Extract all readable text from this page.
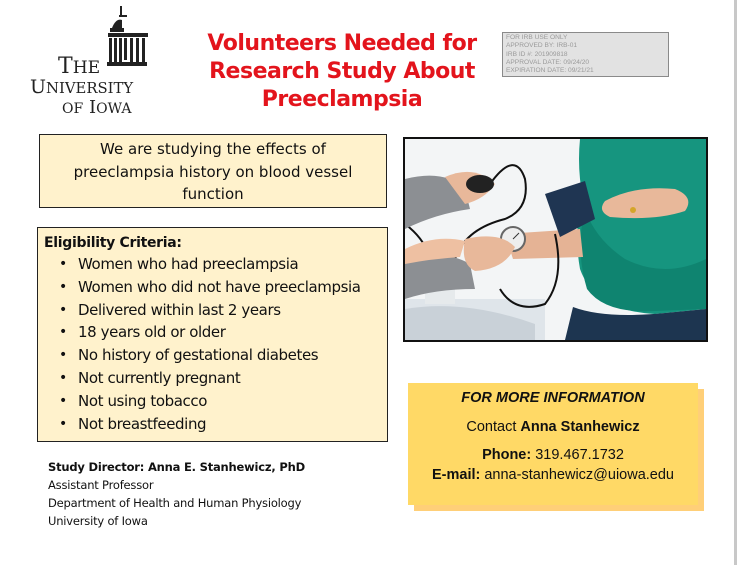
THE
UNIVERSITY
OF IOWA
Volunteers Needed for
Research Study About
Preeclampsia
FOR IRB USE ONLY
APPROVED BY: IRB-01
IRB ID #: 201909818
APPROVAL DATE: 09/24/20
EXPIRATION DATE: 09/21/21
We are studying the effects of
preeclampsia history on blood vessel
function
Eligibility Criteria:
• Women who had preeclampsia
• Women who did not have preeclampsia
• Delivered within last 2 years
• 18 years old or older
• No history of gestational diabetes
• Not currently pregnant
• Not using tobacco
• Not breastfeeding
Study Director: Anna E. Stanhewicz, PhD
Assistant Professor
Department of Health and Human Physiology
University of Iowa
FOR MORE INFORMATION
Contact Anna Stanhewicz
Phone: 319.467.1732
E-mail: anna-stanhewicz@uiowa.edu
